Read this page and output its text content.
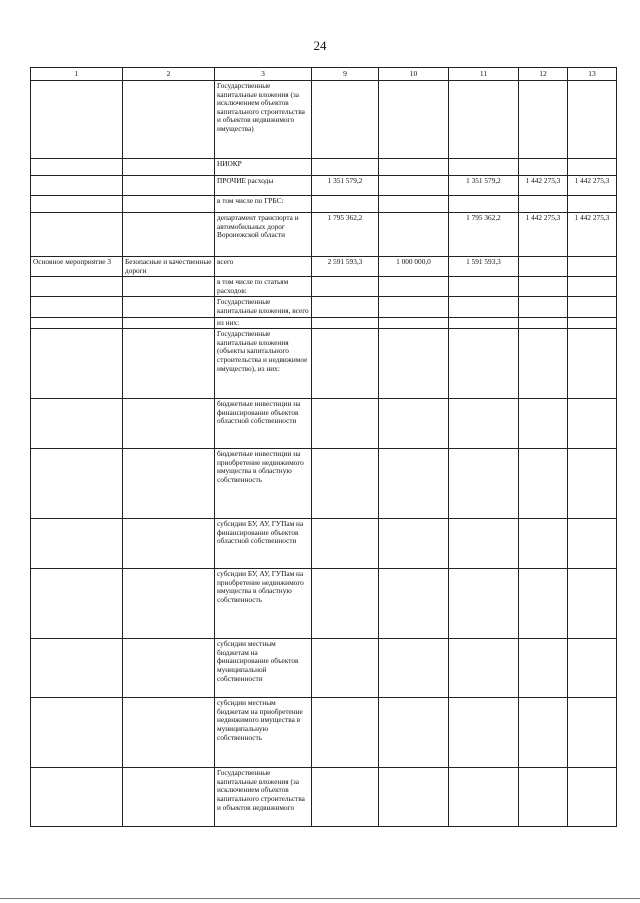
24
1	2	3	9	10	11	12	13
		Государственные капитальные вложения (за исключением объектов капитального строительства и объектов недвижимого имущества)					
		НИОКР					
		ПРОЧИЕ расходы	1 351 579,2		1 351 579,2	1 442 275,3	1 442 275,3
		в том числе по ГРБС:					
		департамент транспорта и автомобильных дорог Воронежской области	1 795 362,2		1 795 362,2	1 442 275,3	1 442 275,3
Основное мероприятие 3	Безопасные и качественные дороги	всего	2 591 593,3	1 000 000,0	1 591 593,3		
		в том числе по статьям расходов:					
		Государственные капитальные вложения, всего					
		из них:					
		Государственные капитальные вложения (объекты капитального строительства и недвижимое имущество), из них:					
		бюджетные инвестиции на финансирование объектов областной собственности					
		бюджетные инвестиции на приобретение недвижимого имущества в областную собственность					
		субсидии БУ, АУ, ГУПам на финансирование объектов областной собственности					
		субсидии БУ, АУ, ГУПам на приобретение недвижимого имущества в областную собственность					
		субсидии местным бюджетам на финансирование объектов муниципальной собственности					
		субсидии местным бюджетам на приобретение недвижимого имущества в муниципальную собственность					
		Государственные капитальные вложения (за исключением объектов капитального строительства и объектов недвижимого					
